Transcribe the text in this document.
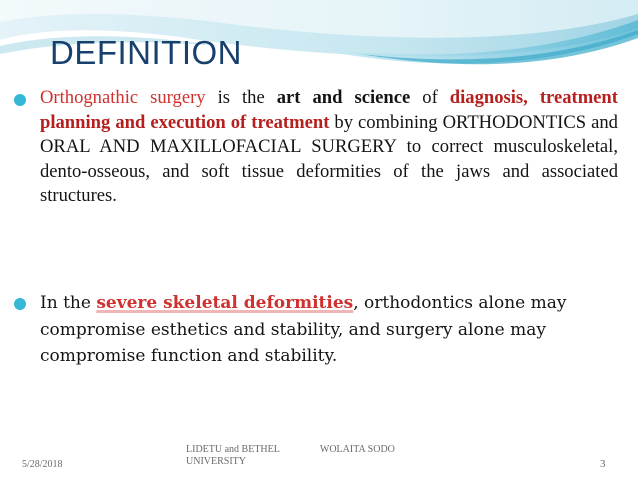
DEFINITION
Orthognathic surgery is the art and science of diagnosis, treatment planning and execution of treatment by combining ORTHODONTICS and ORAL AND MAXILLOFACIAL SURGERY to correct musculoskeletal, dento-osseous, and soft tissue deformities of the jaws and associated structures.
In the severe skeletal deformities, orthodontics alone may compromise esthetics and stability, and surgery alone may compromise function and stability.
5/28/2018
LIDETU and BETHEL	WOLAITA SODO
UNIVERSITY	3
